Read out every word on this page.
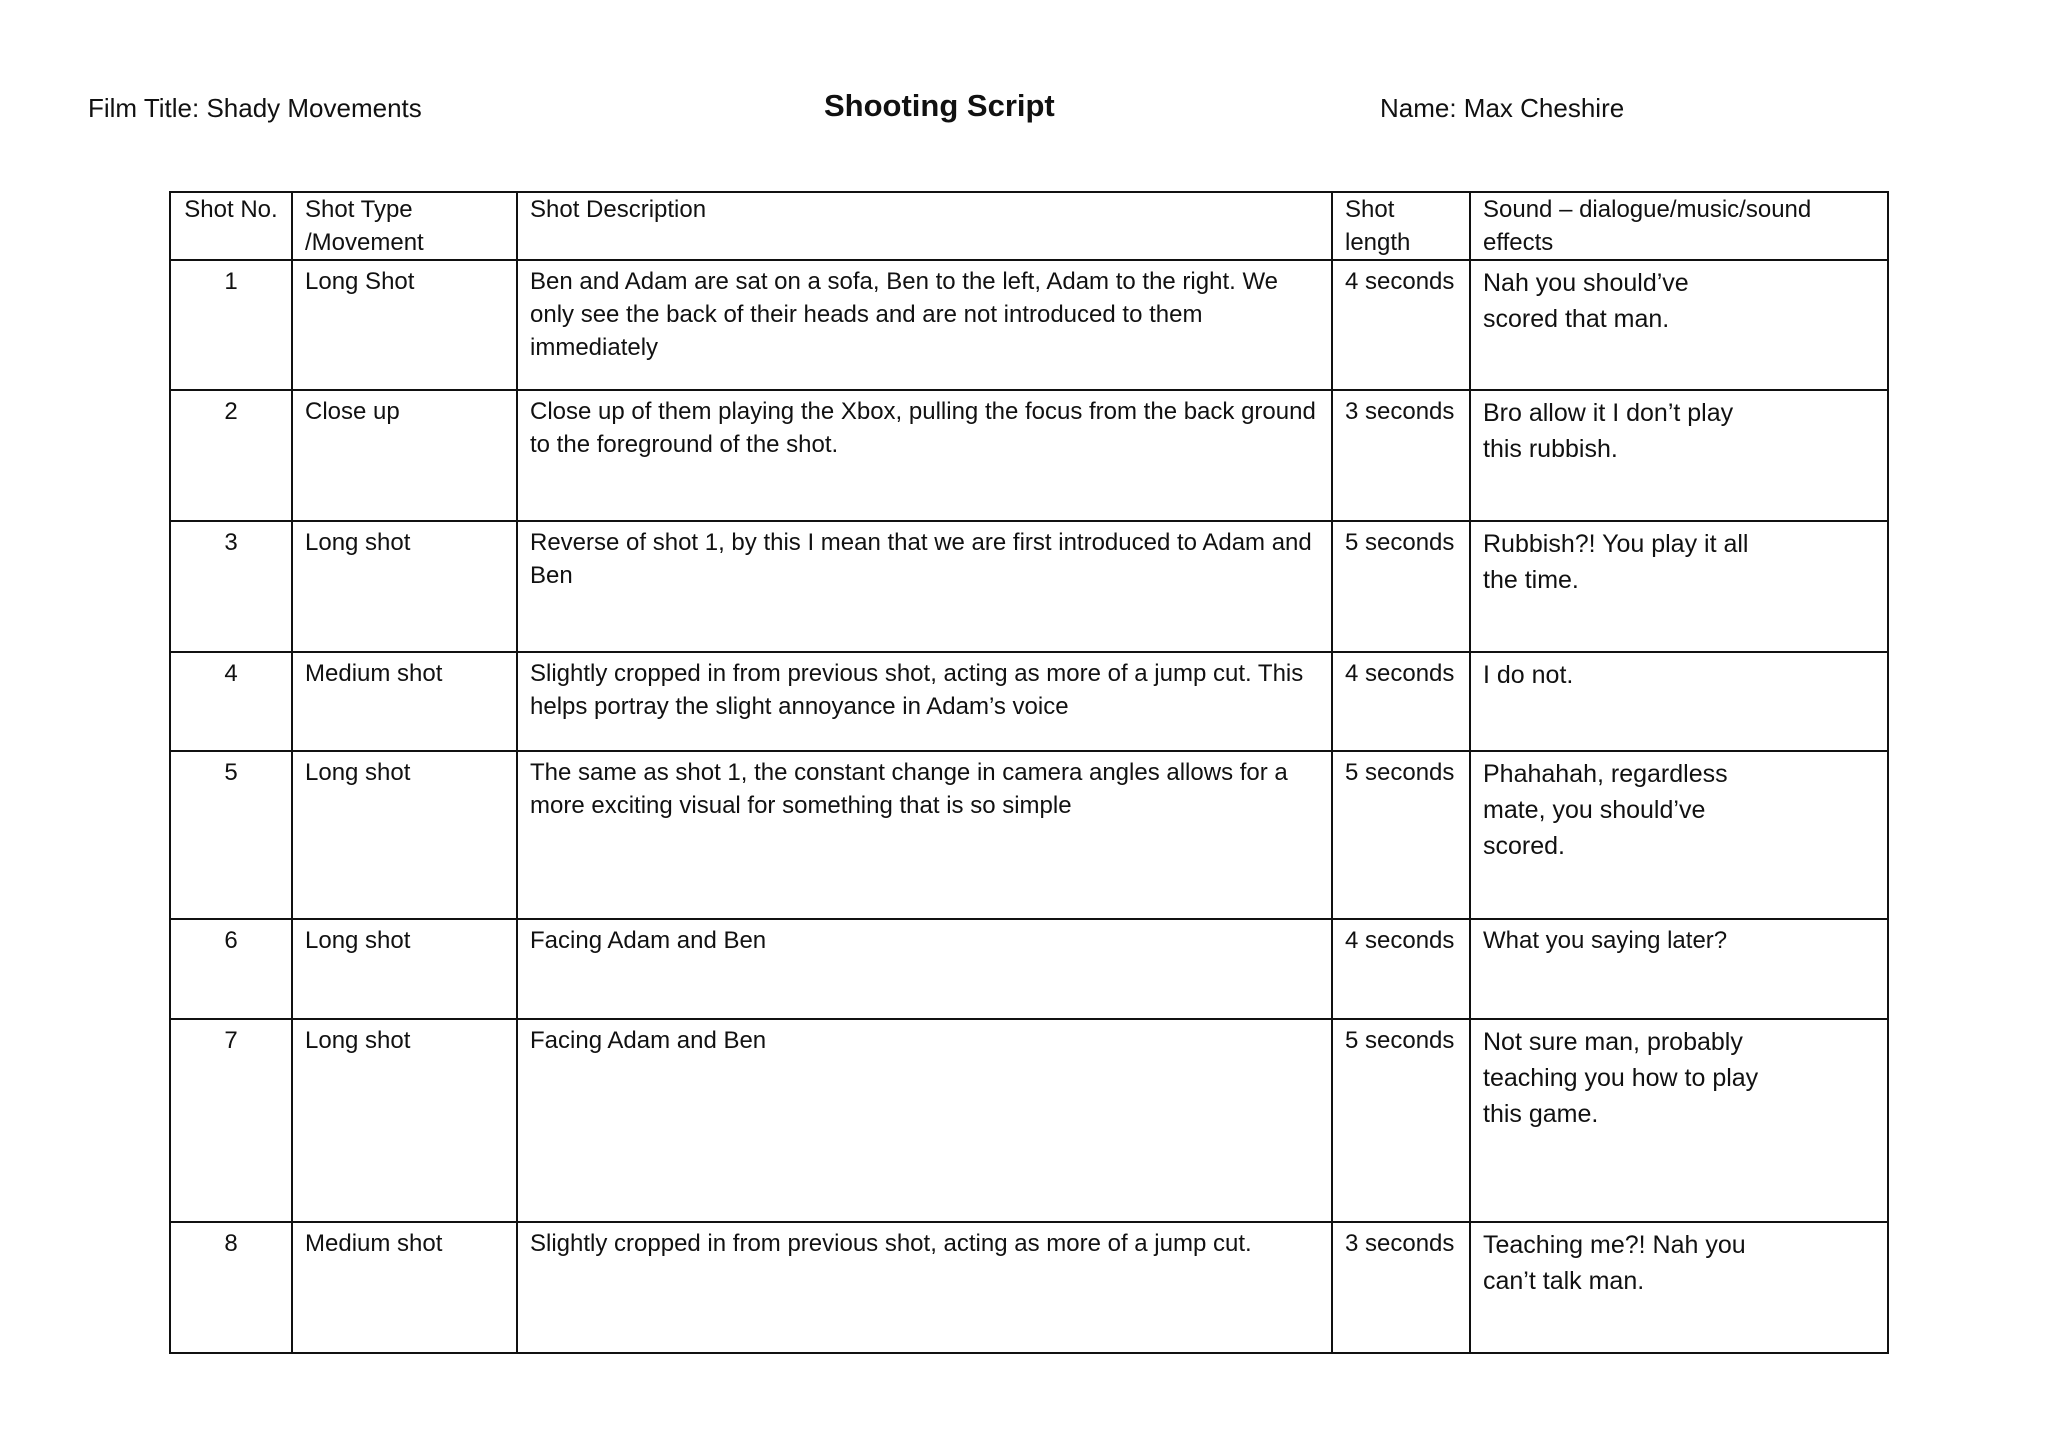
Film Title: Shady Movements	Shooting Script	Name: Max Cheshire
Shot No.	Shot Type /Movement	Shot Description	Shot length	Sound – dialogue/music/sound effects
1	Long Shot	Ben and Adam are sat on a sofa, Ben to the left, Adam to the right. We only see the back of their heads and are not introduced to them immediately	4 seconds	Nah you should’ve scored that man.
2	Close up	Close up of them playing the Xbox, pulling the focus from the back ground to the foreground of the shot.	3 seconds	Bro allow it I don’t play this rubbish.
3	Long shot	Reverse of shot 1, by this I mean that we are first introduced to Adam and Ben	5 seconds	Rubbish?! You play it all the time.
4	Medium shot	Slightly cropped in from previous shot, acting as more of a jump cut. This helps portray the slight annoyance in Adam’s voice	4 seconds	I do not.
5	Long shot	The same as shot 1, the constant change in camera angles allows for a more exciting visual for something that is so simple	5 seconds	Phahahah, regardless mate, you should’ve scored.
6	Long shot	Facing Adam and Ben	4 seconds	What you saying later?
7	Long shot	Facing Adam and Ben	5 seconds	Not sure man, probably teaching you how to play this game.
8	Medium shot	Slightly cropped in from previous shot, acting as more of a jump cut.	3 seconds	Teaching me?! Nah you can’t talk man.
